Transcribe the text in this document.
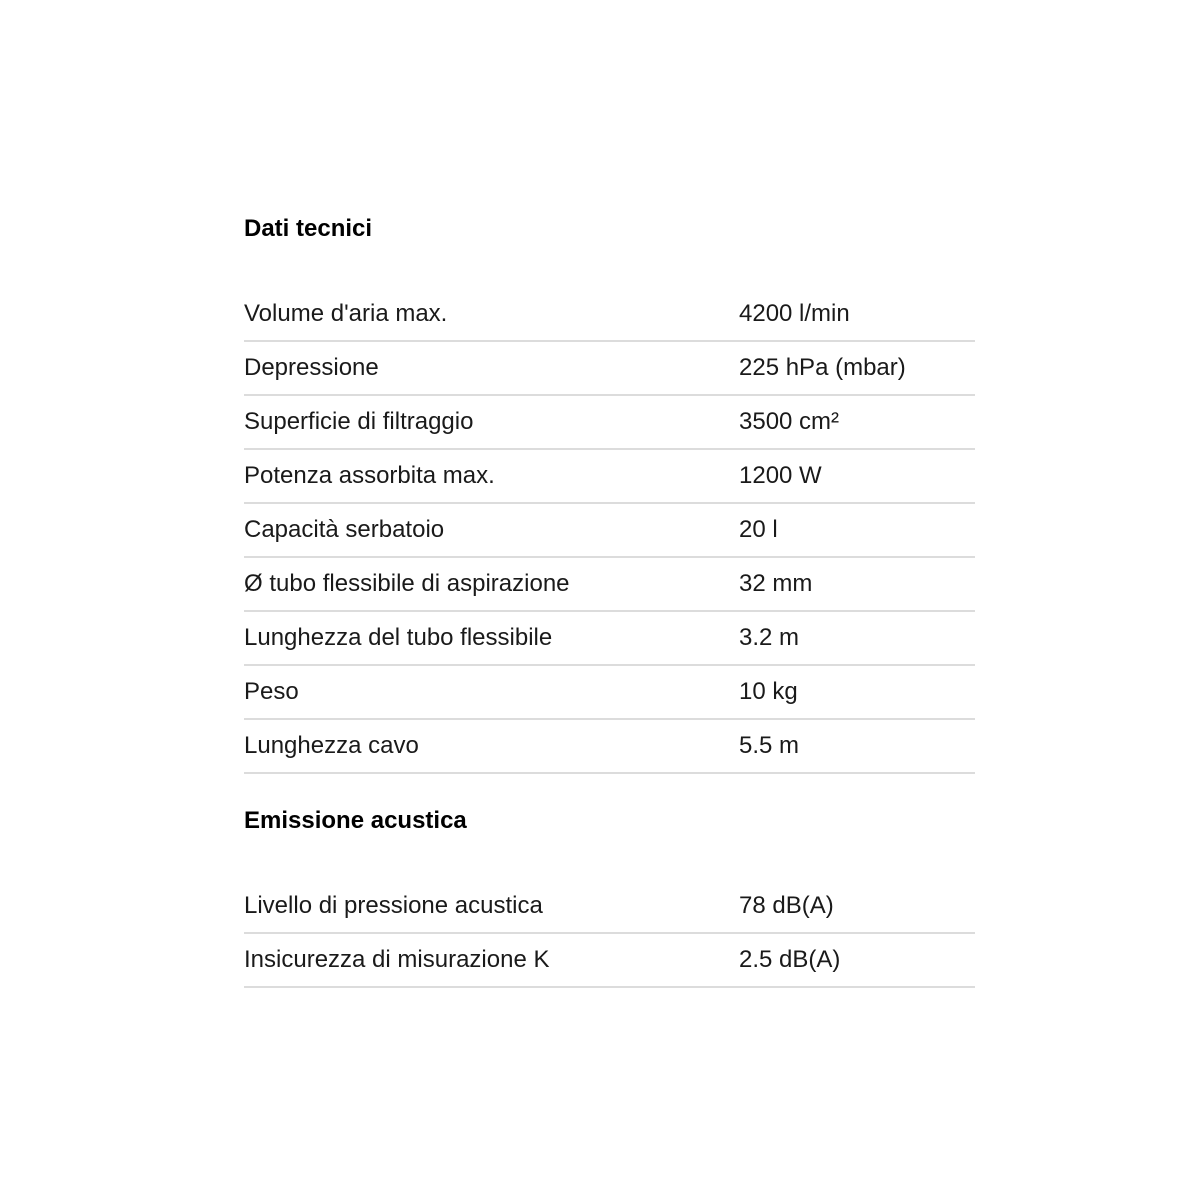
Dati tecnici
Volume d'aria max.	4200 l/min
Depressione	225 hPa (mbar)
Superficie di filtraggio	3500 cm²
Potenza assorbita max.	1200 W
Capacità serbatoio	20 l
Ø tubo flessibile di aspirazione	32 mm
Lunghezza del tubo flessibile	3.2 m
Peso	10 kg
Lunghezza cavo	5.5 m
Emissione acustica
Livello di pressione acustica	78 dB(A)
Insicurezza di misurazione K	2.5 dB(A)
